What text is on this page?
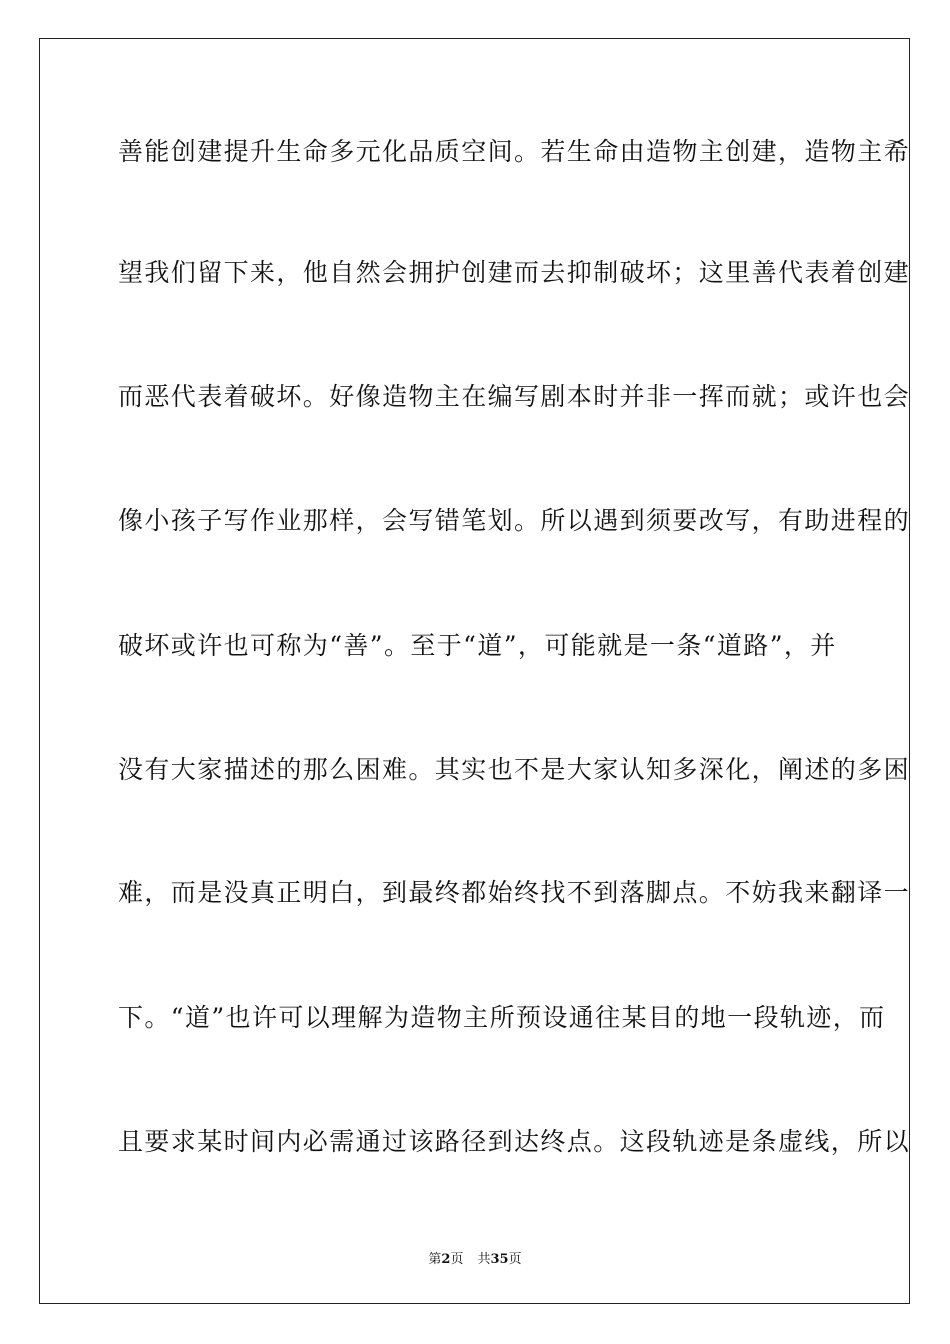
善能创建提升生命多元化品质空间。若生命由造物主创建，造物主希
望我们留下来，他自然会拥护创建而去抑制破坏；这里善代表着创建
而恶代表着破坏。好像造物主在编写剧本时并非一挥而就；或许也会
像小孩子写作业那样，会写错笔划。所以遇到须要改写，有助进程的
破坏或许也可称为“善”。至于“道”，可能就是一条“道路”，并
没有大家描述的那么困难。其实也不是大家认知多深化，阐述的多困
难，而是没真正明白，到最终都始终找不到落脚点。不妨我来翻译一
下。“道”也许可以理解为造物主所预设通往某目的地一段轨迹，而
且要求某时间内必需通过该路径到达终点。这段轨迹是条虚线，所以
第2页 共35页
